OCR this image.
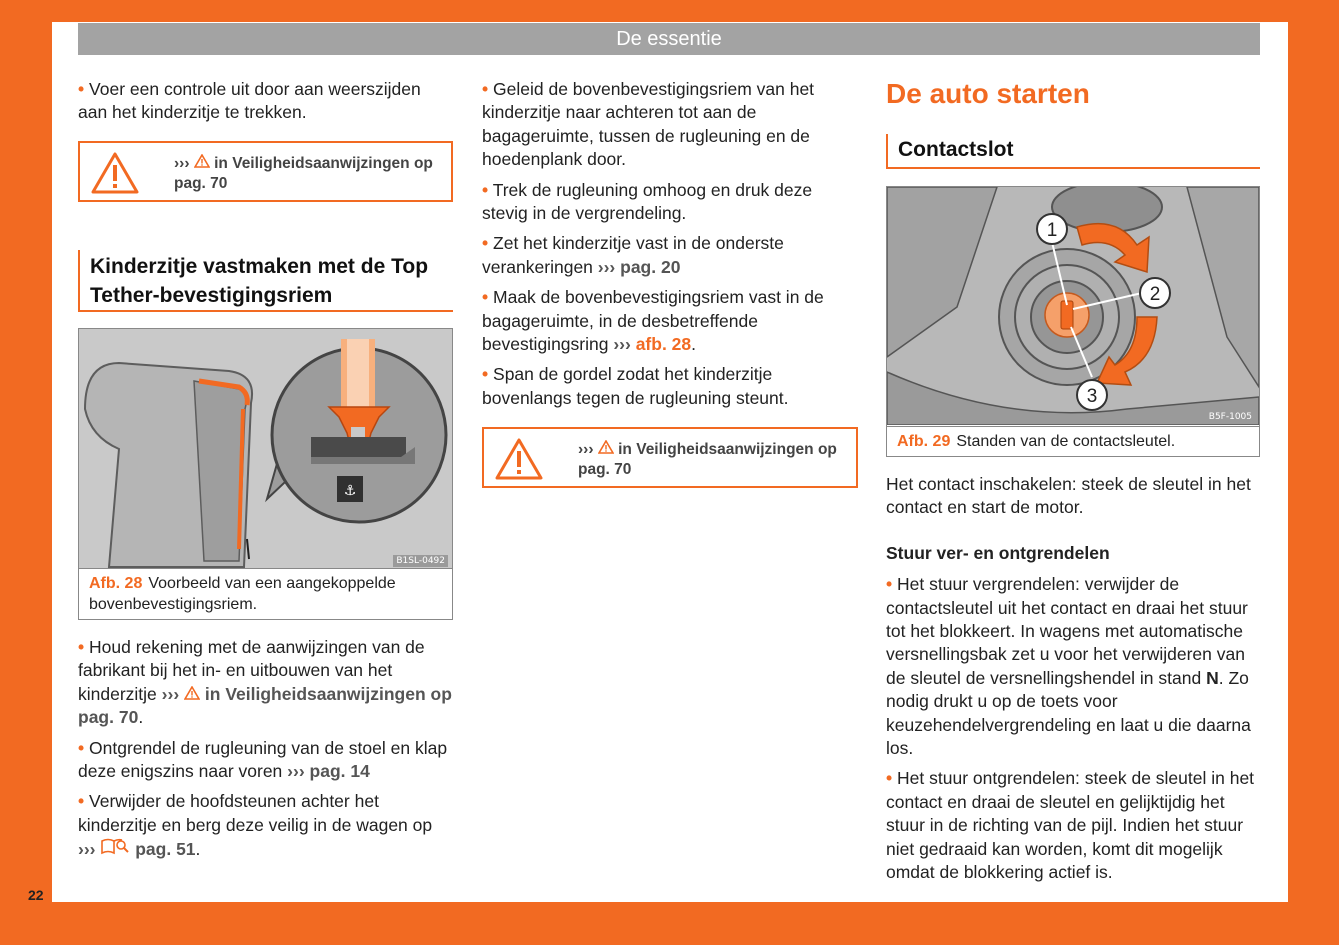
De essentie

• Voer een controle uit door aan weerszijden aan het kinderzitje te trekken.

››› in Veiligheidsaanwijzingen op pag. 70
Kinderzitje vastmaken met de Top Tether-bevestigingsriem
⚓
B1SL-0492
Afb. 28 Voorbeeld van een aangekoppelde bovenbevestigingsriem.

• Houd rekening met de aanwijzingen van de fabrikant bij het in- en uitbouwen van het kinderzitje ››› in Veiligheidsaanwijzingen op pag. 70.

• Ontgrendel de rugleuning van de stoel en klap deze enigszins naar voren ››› pag. 14

• Verwijder de hoofdsteunen achter het kinderzitje en berg deze veilig in de wagen op
››› pag. 51.

• Geleid de bovenbevestigingsriem van het kinderzitje naar achteren tot aan de bagageruimte, tussen de rugleuning en de hoedenplank door.

• Trek de rugleuning omhoog en druk deze stevig in de vergrendeling.

• Zet het kinderzitje vast in de onderste verankeringen ››› pag. 20

• Maak de bovenbevestigingsriem vast in de bagageruimte, in de desbetreffende bevestigingsring ››› afb. 28.

• Span de gordel zodat het kinderzitje bovenlangs tegen de rugleuning steunt.

››› in Veiligheidsaanwijzingen op pag. 70
De auto starten
Contactslot
1
2
3
B5F-1005
Afb. 29 Standen van de contactsleutel.

Het contact inschakelen: steek de sleutel in het contact en start de motor.

Stuur ver- en ontgrendelen

• Het stuur vergrendelen: verwijder de contactsleutel uit het contact en draai het stuur tot het blokkeert. In wagens met automatische versnellingsbak zet u voor het verwijderen van de sleutel de versnellingshendel in stand N. Zo nodig drukt u op de toets voor keuzehendelvergrendeling en laat u die daarna los.

• Het stuur ontgrendelen: steek de sleutel in het contact en draai de sleutel en gelijktijdig het stuur in de richting van de pijl. Indien het stuur niet gedraaid kan worden, komt dit mogelijk omdat de blokkering actief is.

22
